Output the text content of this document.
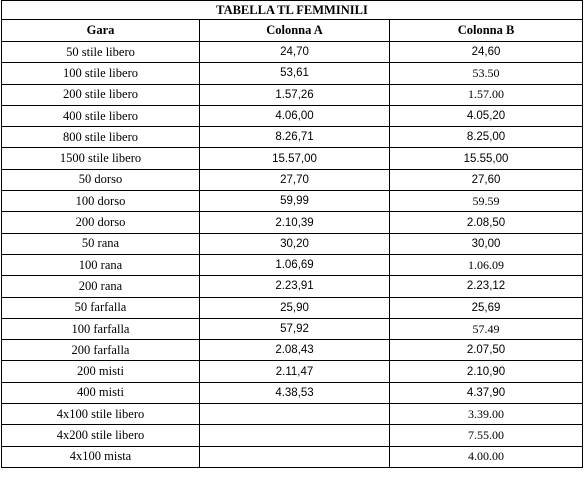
TABELLA TL FEMMINILI		
Gara	Colonna A	Colonna B
50 stile libero	24,70	24,60
100 stile libero	53,61	53.50
200 stile libero	1.57,26	1.57.00
400 stile libero	4.06,00	4.05,20
800 stile libero	8.26,71	8.25,00
1500 stile libero	15.57,00	15.55,00
50 dorso	27,70	27,60
100 dorso	59,99	59.59
200 dorso	2.10,39	2.08,50
50 rana	30,20	30,00
100 rana	1.06,69	1.06.09
200 rana	2.23,91	2.23,12
50 farfalla	25,90	25,69
100 farfalla	57,92	57.49
200 farfalla	2.08,43	2.07,50
200 misti	2.11,47	2.10,90
400 misti	4.38,53	4.37,90
4x100 stile libero		3.39.00
4x200 stile libero		7.55.00
4x100 mista		4.00.00
